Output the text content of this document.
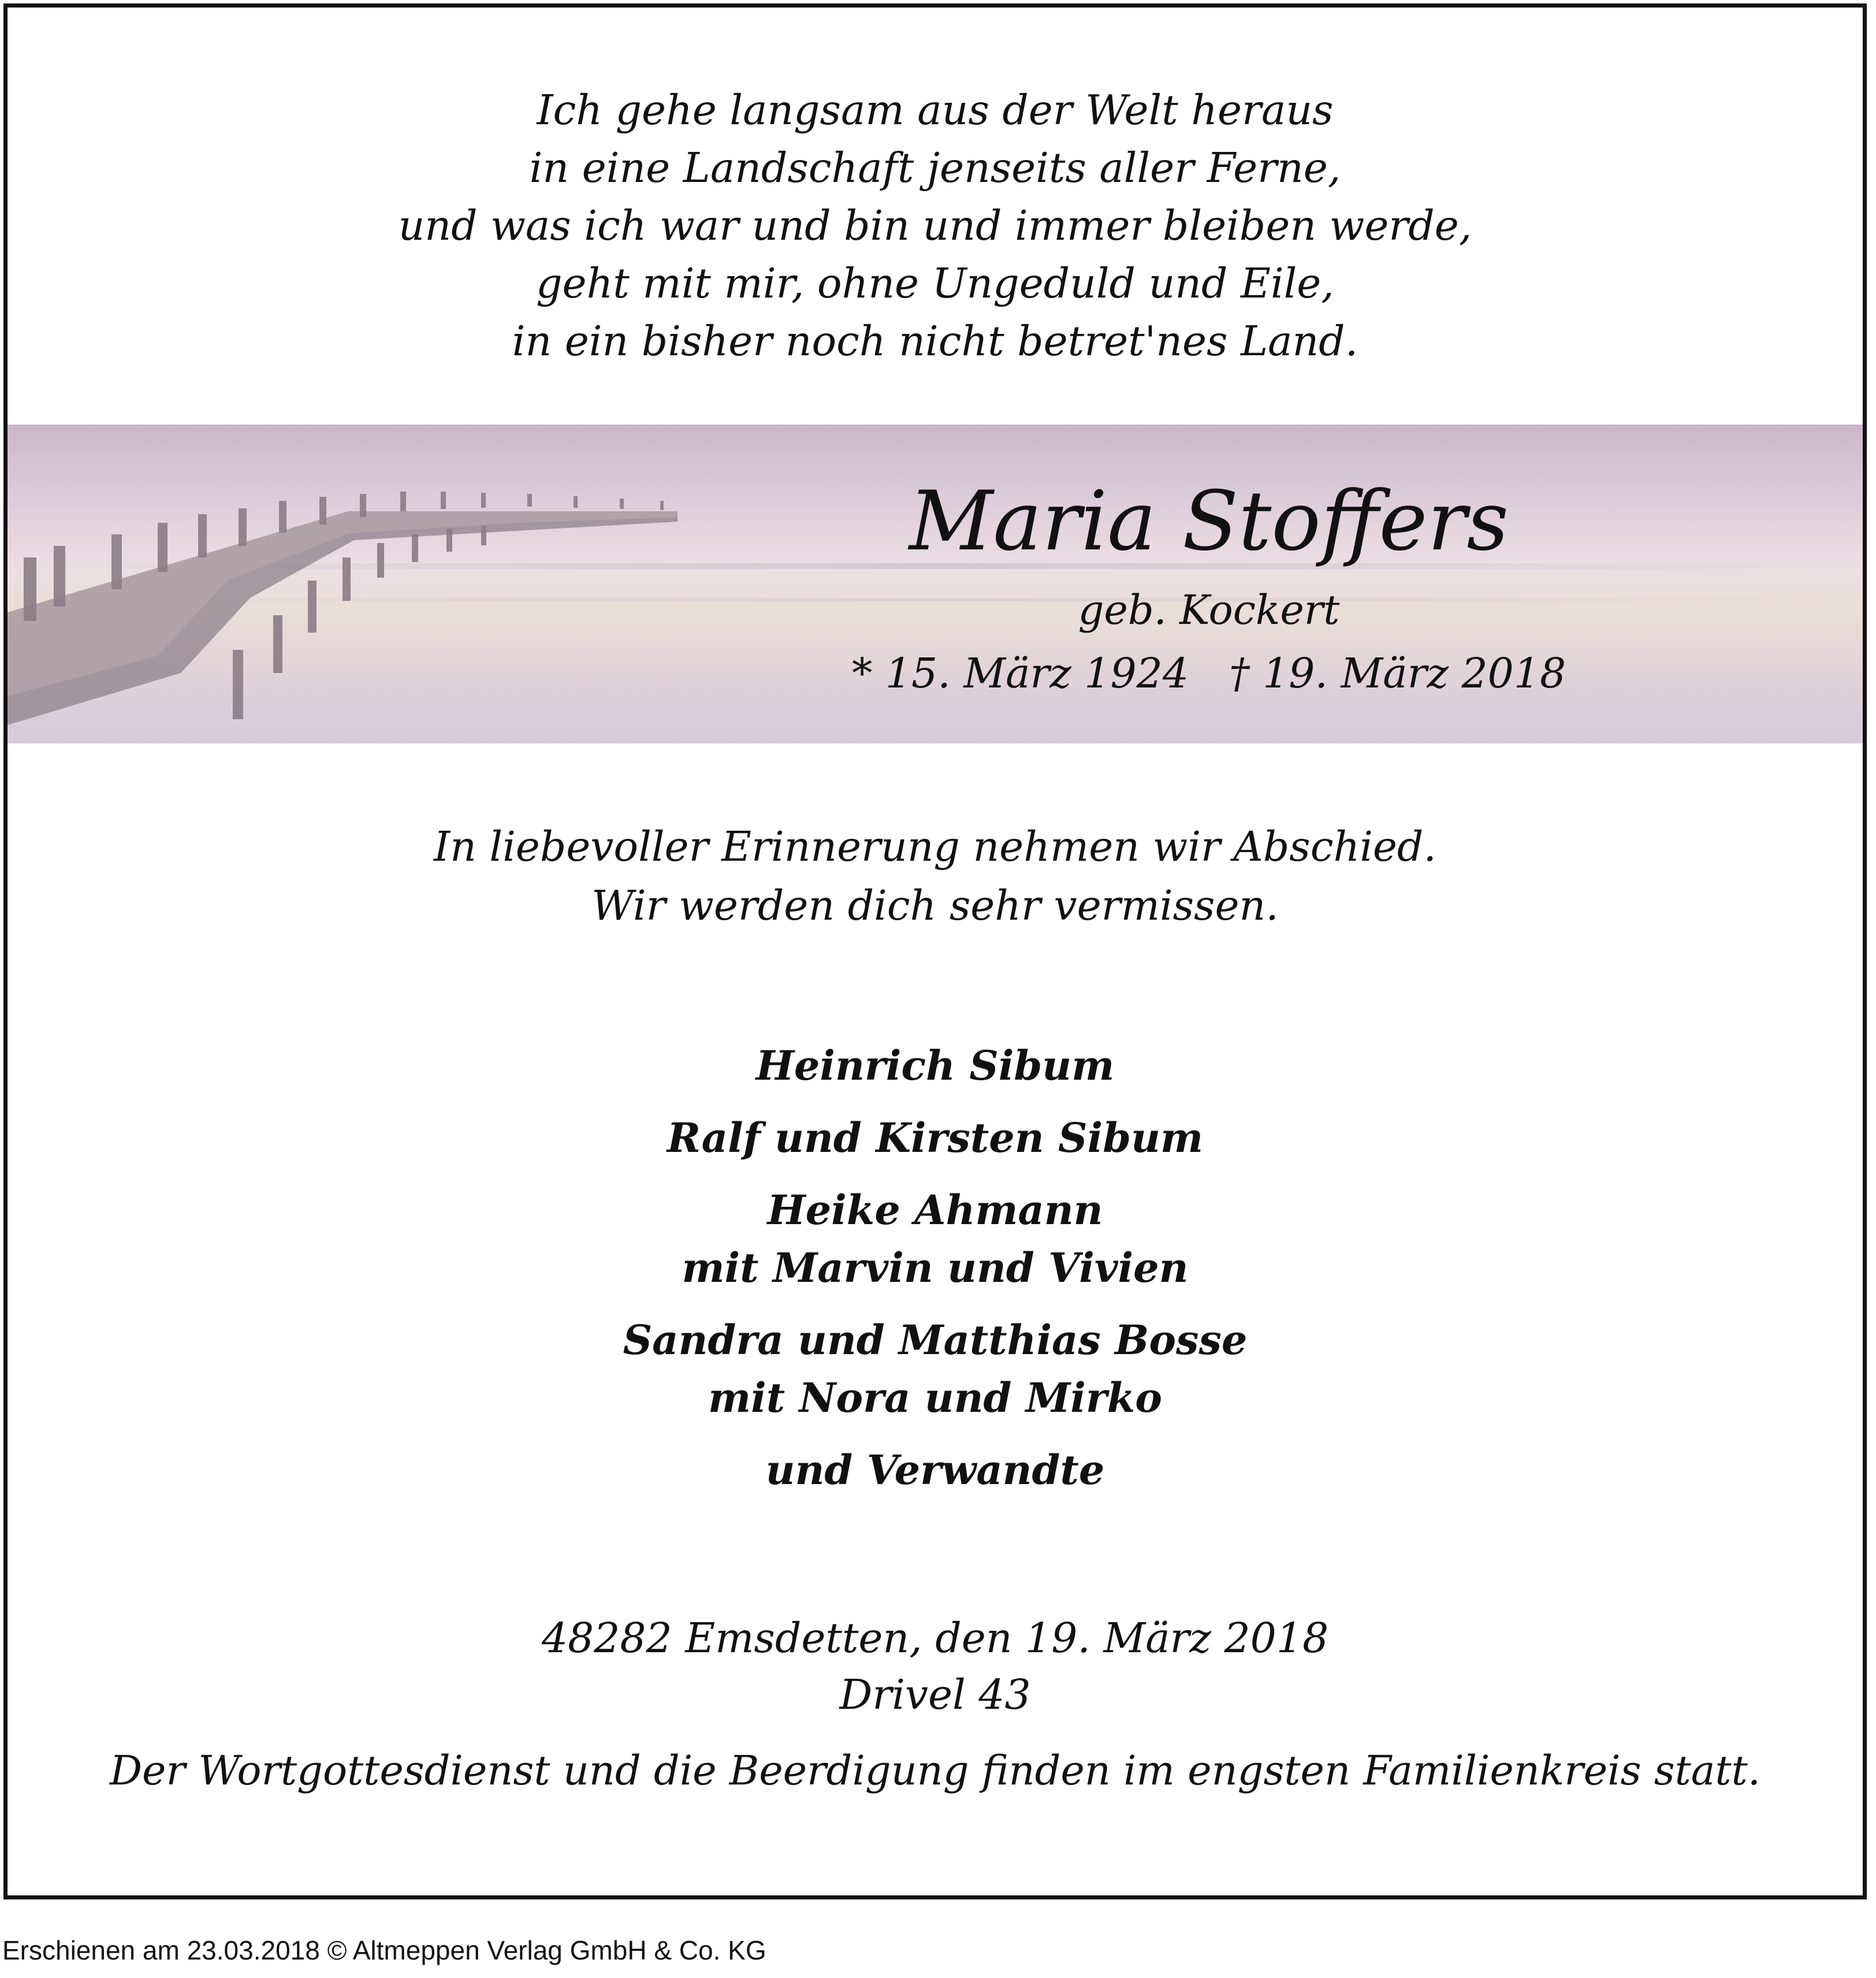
Ich gehe langsam aus der Welt heraus
in eine Landschaft jenseits aller Ferne,
und was ich war und bin und immer bleiben werde,
geht mit mir, ohne Ungeduld und Eile,
in ein bisher noch nicht betret'nes Land.
Maria Stoffers
geb. Kockert
* 15. März 1924 † 19. März 2018
In liebevoller Erinnerung nehmen wir Abschied.
Wir werden dich sehr vermissen.
Heinrich Sibum
Ralf und Kirsten Sibum
Heike Ahmann
mit Marvin und Vivien
Sandra und Matthias Bosse
mit Nora und Mirko
und Verwandte
48282 Emsdetten, den 19. März 2018
Drivel 43
Der Wortgottesdienst und die Beerdigung finden im engsten Familienkreis statt.
Erschienen am 23.03.2018 © Altmeppen Verlag GmbH & Co. KG
